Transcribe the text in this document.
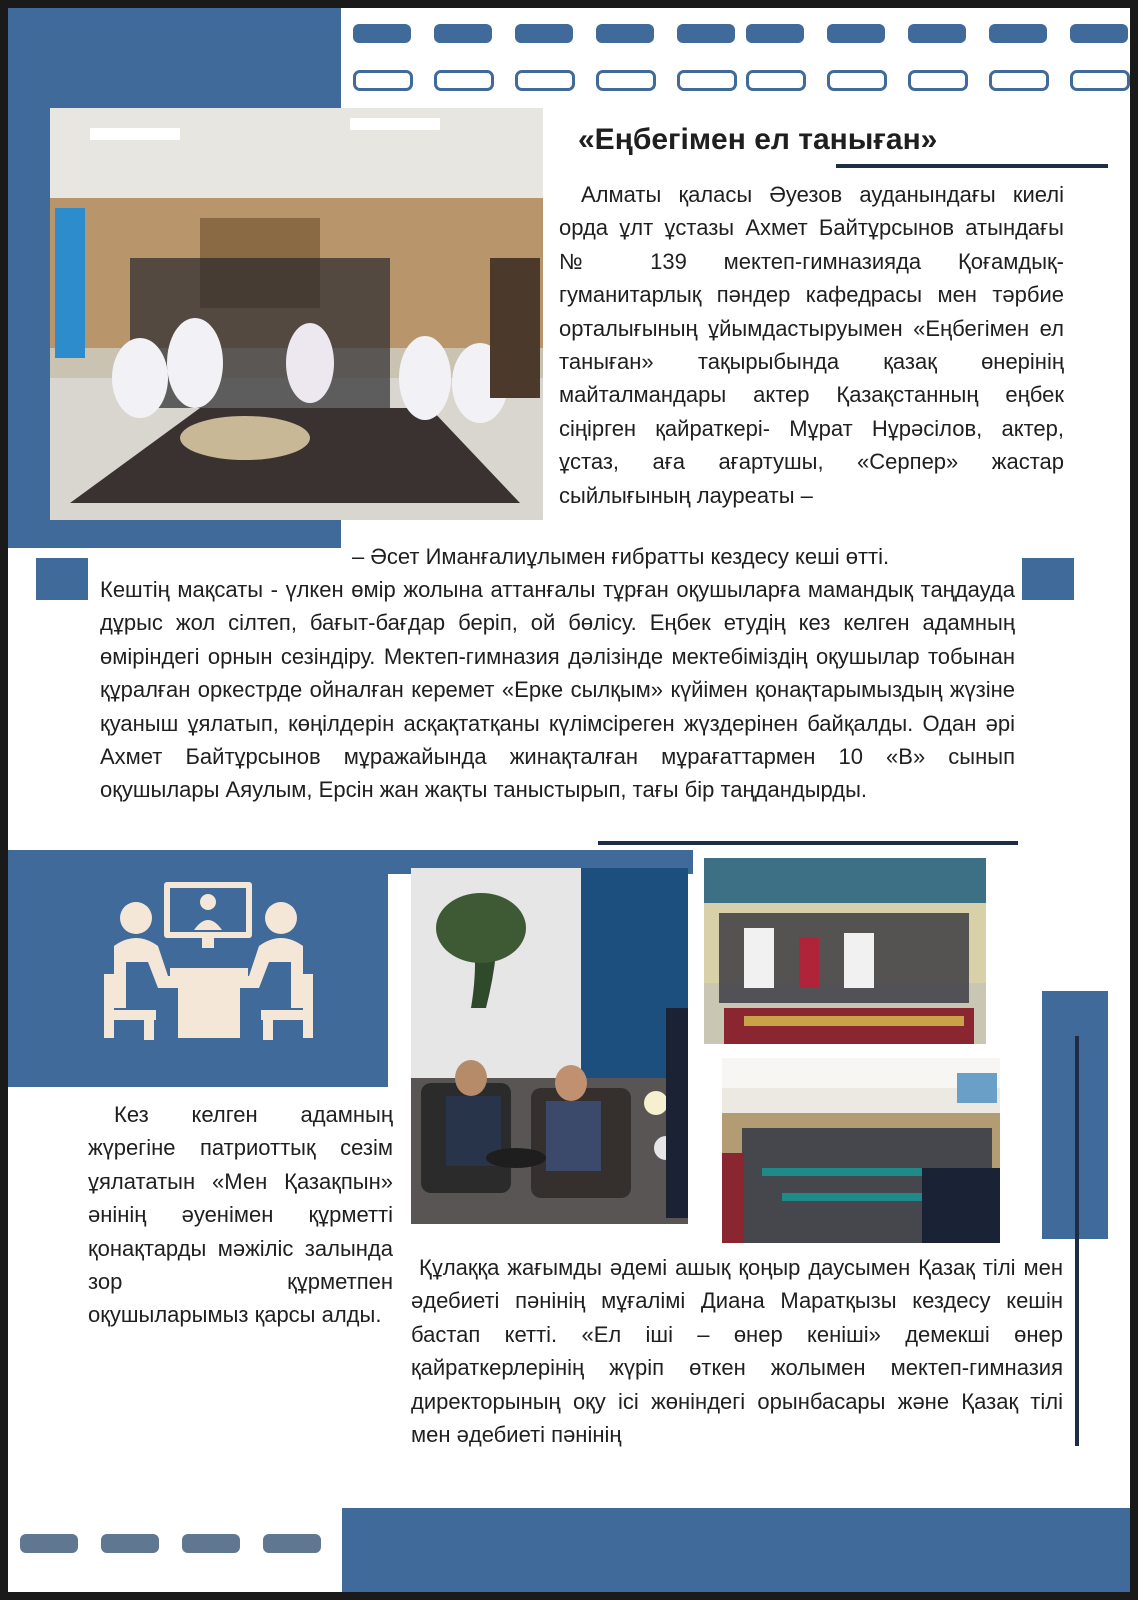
«Еңбегімен ел таныған»

Алматы қаласы Әуезов ауданындағы киелі орда ұлт ұстазы Ахмет Байтұрсынов атындағы № 139 мектеп-гимназияда Қоғамдық-гуманитарлық пәндер кафедрасы мен тәрбие орталығының ұйымдастыруымен «Еңбегімен ел таныған» тақырыбында қазақ өнерінің майталмандары актер Қазақстанның еңбек сіңірген қайраткері- Мұрат Нұрәсілов, актер, ұстаз, аға ағартушы, «Серпер» жастар сыйлығының лауреаты –

– Әсет Иманғалиұлымен ғибратты кездесу кеші өтті.

Кештің мақсаты - үлкен өмір жолына аттанғалы тұрған оқушыларға мамандық таңдауда дұрыс жол сілтеп, бағыт-бағдар беріп, ой бөлісу. Еңбек етудің кез келген адамның өміріндегі орнын сезіндіру. Мектеп-гимназия дәлізінде мектебіміздің оқушылар тобынан құралған оркестрде ойналған керемет «Ерке сылқым» күйімен қонақтарымыздың жүзіне қуаныш ұялатып, көңілдерін асқақтатқаны күлімсіреген жүздерінен байқалды. Одан әрі Ахмет Байтұрсынов мұражайында жинақталған мұрағаттармен 10 «В» сынып оқушылары Аяулым, Ерсін жан жақты таныстырып, тағы бір таңдандырды.

Кез келген адамның жүрегіне патриоттық сезім ұялататын «Мен Қазақпын» әнінің әуенімен құрметті қонақтарды мәжіліс залында зор құрметпен оқушыларымыз қарсы алды.

Құлаққа жағымды әдемі ашық қоңыр даусымен Қазақ тілі мен әдебиеті пәнінің мұғалімі Диана Маратқызы кездесу кешін бастап кетті. «Ел іші – өнер кеніші» демекші өнер қайраткерлерінің жүріп өткен жолымен мектеп-гимназия директорының оқу ісі жөніндегі орынбасары және Қазақ тілі мен әдебиеті пәнінің
